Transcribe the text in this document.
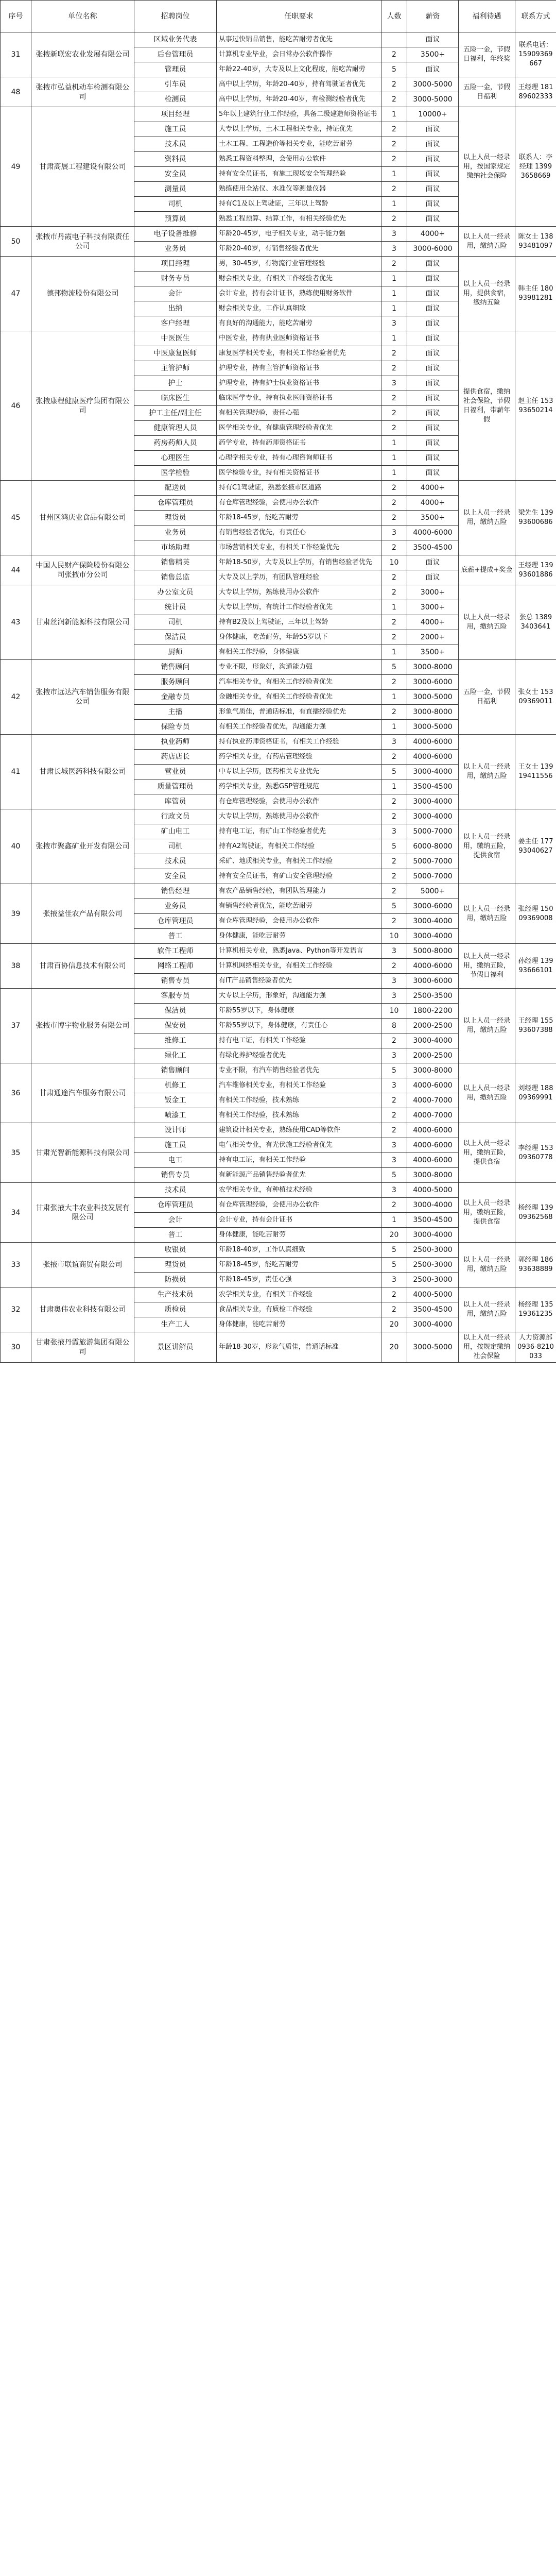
序号	单位名称	招聘岗位	任职要求	人数	薪资	福利待遇	联系方式
31	张掖新联宏农业发展有限公司	区域业务代表	从事过快销品销售，能吃苦耐劳者优先		面议	五险一金，节假日福利，年终奖	联系电话：15909369667
		后台管理员	计算机专业毕业，会日常办公软件操作	2	3500+		
		管理员	年龄22-40岁，大专及以上文化程度，能吃苦耐劳	5	面议		
48	张掖市弘益机动车检测有限公司	引车员	高中以上学历，年龄20-40岁，持有驾驶证者优先	2	3000-5000	五险一金，节假日福利	王经理 18189602333
		检测员	高中以上学历，年龄20-40岁，有检测经验者优先	2	3000-5000		
49	甘肃高展工程建设有限公司	项目经理	5年以上建筑行业工作经验，具备二级建造师资格证书	1	10000+	以上人员一经录用，按国家规定缴纳社会保险	联系人：李经理 13993658669
		施工员	大专以上学历，土木工程相关专业，持证优先	2	面议		
		技术员	土木工程、工程造价等相关专业，能吃苦耐劳	2	面议		
		资料员	熟悉工程资料整理，会使用办公软件	2	面议		
		安全员	持有安全员证书，有施工现场安全管理经验	1	面议		
		测量员	熟练使用全站仪、水准仪等测量仪器	2	面议		
		司机	持有C1及以上驾驶证，三年以上驾龄	1	面议		
		预算员	熟悉工程预算、结算工作，有相关经验优先	2	面议		
50	张掖市丹霞电子科技有限责任公司	电子设备维修	年龄20-45岁，电子相关专业，动手能力强	3	4000+	以上人员一经录用，缴纳五险	陈女士 13893481097
		业务员	年龄20-40岁，有销售经验者优先	3	3000-6000		
47	德邦物流股份有限公司	项目经理	男，30-45岁，有物流行业管理经验	2	面议	以上人员一经录用，提供食宿，缴纳五险	韩主任 18093981281
		财务专员	财会相关专业，有相关工作经验者优先	1	面议		
		会计	会计专业，持有会计证书，熟练使用财务软件	1	面议		
		出纳	财会相关专业，工作认真细致	1	面议		
		客户经理	有良好的沟通能力，能吃苦耐劳	3	面议		
46	张掖康程健康医疗集团有限公司	中医医生	中医专业，持有执业医师资格证书	1	面议	提供食宿，缴纳社会保险，节假日福利，带薪年假	赵主任 15393650214
		中医康复医师	康复医学相关专业，有相关工作经验者优先	2	面议		
		主管护师	护理专业，持有主管护师资格证书	2	面议		
		护士	护理专业，持有护士执业资格证书	3	面议		
		临床医生	临床医学专业，持有执业医师资格证书	2	面议		
		护工主任/副主任	有相关管理经验，责任心强	2	面议		
		健康管理人员	医学相关专业，有健康管理经验者优先	2	面议		
		药房药师人员	药学专业，持有药师资格证书	1	面议		
		心理医生	心理学相关专业，持有心理咨询师证书	1	面议		
		医学检验	医学检验专业，持有相关资格证书	1	面议		
45	甘州区鸿庆业食品有限公司	配送员	持有C1驾驶证，熟悉张掖市区道路	2	4000+	以上人员一经录用，缴纳五险	梁先生 13993600686
		仓库管理员	有仓库管理经验，会使用办公软件	2	4000+		
		理货员	年龄18-45岁，能吃苦耐劳	2	3500+		
		业务员	有销售经验者优先，有责任心	3	4000-6000		
		市场助理	市场营销相关专业，有相关工作经验优先	2	3500-4500		
44	中国人民财产保险股份有限公司张掖市分公司	销售精英	年龄18-50岁，大专及以上学历，有销售经验者优先	10	面议	底薪+提成+奖金	王经理 13993601886
		销售总监	大专及以上学历，有团队管理经验	2	面议		
43	甘肃丝润新能源科技有限公司	办公室文员	大专以上学历，熟练使用办公软件	2	3000+	以上人员一经录用，缴纳五险	张总 13893403641
		统计员	大专以上学历，有统计工作经验者优先	1	3000+		
		司机	持有B2及以上驾驶证，三年以上驾龄	2	4000+		
		保洁员	身体健康，吃苦耐劳，年龄55岁以下	2	2000+		
		厨师	有相关工作经验，身体健康	1	3500+		
42	张掖市远达汽车销售服务有限公司	销售顾问	专业不限，形象好，沟通能力强	5	3000-8000	五险一金，节假日福利	张女士 15309369011
		服务顾问	汽车相关专业，有相关工作经验者优先	2	3000-6000		
		金融专员	金融相关专业，有相关工作经验者优先	1	3000-5000		
		主播	形象气质佳，普通话标准，有直播经验优先	2	3000-8000		
		保险专员	有相关工作经验者优先，沟通能力强	1	3000-5000		
41	甘肃长城医药科技有限公司	执业药师	持有执业药师资格证书，有相关工作经验	3	4000-6000	以上人员一经录用，缴纳五险	王女士 13919411556
		药店店长	药学相关专业，有药店管理经验	2	4000-6000		
		营业员	中专以上学历，医药相关专业优先	5	3000-4000		
		质量管理员	药学相关专业，熟悉GSP管理规范	1	3500-4500		
		库管员	有仓库管理经验，会使用办公软件	2	3000-4000		
40	张掖市聚鑫矿业开发有限公司	行政文员	大专以上学历，熟练使用办公软件	2	3000-4000	以上人员一经录用，缴纳五险，提供食宿	姜主任 17793040627
		矿山电工	持有电工证，有矿山工作经验者优先	3	5000-7000		
		司机	持有A2驾驶证，有相关工作经验	5	6000-8000		
		技术员	采矿、地质相关专业，有相关工作经验	2	5000-7000		
		安全员	持有安全员证书，有矿山安全管理经验	2	5000-7000		
39	张掖益佳农产品有限公司	销售经理	有农产品销售经验，有团队管理能力	2	5000+	以上人员一经录用，缴纳五险	张经理 15009369008
		业务员	有销售经验者优先，能吃苦耐劳	5	3000-6000		
		仓库管理员	有仓库管理经验，会使用办公软件	2	3000-4000		
		普工	身体健康，能吃苦耐劳	10	3000-4000		
38	甘肃百协信息技术有限公司	软件工程师	计算机相关专业，熟悉Java、Python等开发语言	3	5000-8000	以上人员一经录用，缴纳五险，节假日福利	孙经理 13993666101
		网络工程师	计算机网络相关专业，有相关工作经验	2	4000-6000		
		销售专员	有IT产品销售经验者优先	3	3000-6000		
37	张掖市博宇物业服务有限公司	客服专员	大专以上学历，形象好，沟通能力强	3	2500-3500	以上人员一经录用，缴纳五险	王经理 15593607388
		保洁员	年龄55岁以下，身体健康	10	1800-2200		
		保安员	年龄55岁以下，身体健康，有责任心	8	2000-2500		
		维修工	持有电工证，有相关工作经验	2	3000-4000		
		绿化工	有绿化养护经验者优先	3	2000-2500		
36	甘肃通途汽车服务有限公司	销售顾问	专业不限，有汽车销售经验者优先	5	3000-8000	以上人员一经录用，缴纳五险	刘经理 18809369991
		机修工	汽车维修相关专业，有相关工作经验	3	4000-6000		
		钣金工	有相关工作经验，技术熟练	2	4000-7000		
		喷漆工	有相关工作经验，技术熟练	2	4000-7000		
35	甘肃光智新能源科技有限公司	设计师	建筑设计相关专业，熟练使用CAD等软件	2	4000-6000	以上人员一经录用，缴纳五险，提供食宿	李经理 15309360778
		施工员	电气相关专业，有光伏施工经验者优先	3	4000-6000		
		电工	持有电工证，有相关工作经验	3	4000-6000		
		销售专员	有新能源产品销售经验者优先	5	3000-8000		
34	甘肃张掖大丰农业科技发展有限公司	技术员	农学相关专业，有种植技术经验	3	4000-5000	以上人员一经录用，缴纳五险，提供食宿	杨经理 13909362568
		仓库管理员	有仓库管理经验，会使用办公软件	2	3000-4000		
		会计	会计专业，持有会计证书	1	3500-4500		
		普工	身体健康，能吃苦耐劳	20	3000-4000		
33	张掖市联谊商贸有限公司	收银员	年龄18-40岁，工作认真细致	5	2500-3000	以上人员一经录用，缴纳五险	郭经理 18693638889
		理货员	年龄18-45岁，能吃苦耐劳	5	2500-3000		
		防损员	年龄18-45岁，责任心强	3	2500-3000		
32	甘肃奥伟农业科技有限公司	生产技术员	农学相关专业，有相关工作经验	2	4000-5000	以上人员一经录用，缴纳五险	杨经理 13519361235
		质检员	食品相关专业，有质检工作经验	2	3500-4500		
		生产工人	身体健康，能吃苦耐劳	20	3000-4000		
30	甘肃张掖丹霞旅游集团有限公司	景区讲解员	年龄18-30岁，形象气质佳，普通话标准	20	3000-5000	以上人员一经录用，按规定缴纳社会保险	人力资源部 0936-8210033
